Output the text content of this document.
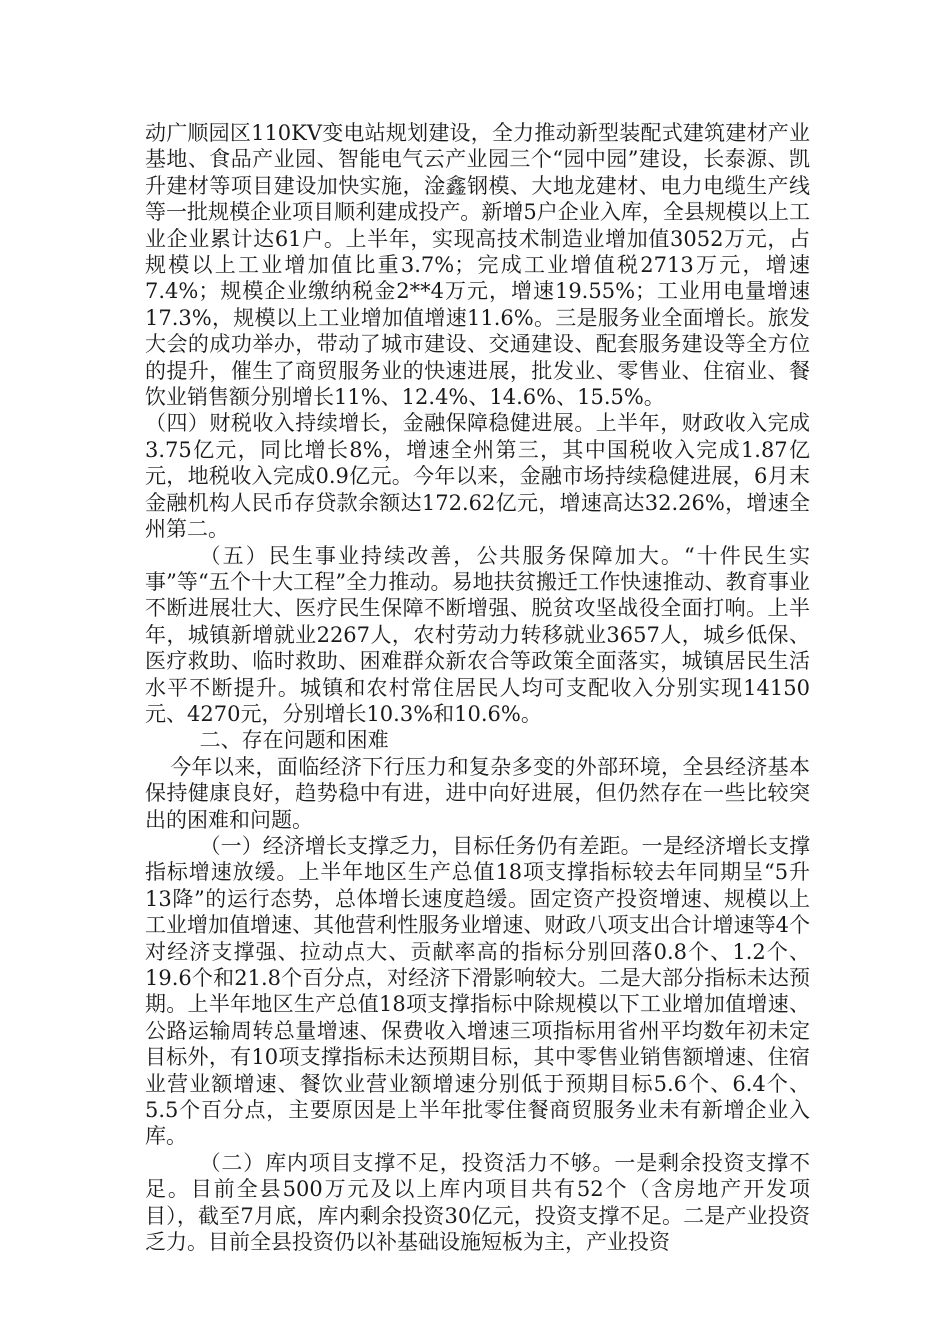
动广顺园区110KV变电站规划建设，全力推动新型装配式建筑建材产业基地、食品产业园、智能电气云产业园三个“园中园”建设，长泰源、凯升建材等项目建设加快实施，淦鑫钢模、大地龙建材、电力电缆生产线等一批规模企业项目顺利建成投产。新增5户企业入库，全县规模以上工业企业累计达61户。上半年，实现高技术制造业增加值3052万元，占规模以上工业增加值比重3.7%；完成工业增值税2713万元，增速7.4%；规模企业缴纳税金2**4万元，增速19.55%；工业用电量增速17.3%，规模以上工业增加值增速11.6%。三是服务业全面增长。旅发大会的成功举办，带动了城市建设、交通建设、配套服务建设等全方位的提升，催生了商贸服务业的快速进展，批发业、零售业、住宿业、餐饮业销售额分别增长11%、12.4%、14.6%、15.5%。

（四）财税收入持续增长，金融保障稳健进展。上半年，财政收入完成3.75亿元，同比增长8%，增速全州第三，其中国税收入完成1.87亿元，地税收入完成0.9亿元。今年以来，金融市场持续稳健进展，6月末金融机构人民币存贷款余额达172.62亿元，增速高达32.26%，增速全州第二。

（五）民生事业持续改善，公共服务保障加大。“十件民生实事”等“五个十大工程”全力推动。易地扶贫搬迁工作快速推动、教育事业不断进展壮大、医疗民生保障不断增强、脱贫攻坚战役全面打响。上半年，城镇新增就业2267人，农村劳动力转移就业3657人，城乡低保、医疗救助、临时救助、困难群众新农合等政策全面落实，城镇居民生活水平不断提升。城镇和农村常住居民人均可支配收入分别实现14150元、4270元，分别增长10.3%和10.6%。

二、存在问题和困难

今年以来，面临经济下行压力和复杂多变的外部环境，全县经济基本保持健康良好，趋势稳中有进，进中向好进展，但仍然存在一些比较突出的困难和问题。

（一）经济增长支撑乏力，目标任务仍有差距。一是经济增长支撑指标增速放缓。上半年地区生产总值18项支撑指标较去年同期呈“5升13降”的运行态势，总体增长速度趋缓。固定资产投资增速、规模以上工业增加值增速、其他营利性服务业增速、财政八项支出合计增速等4个对经济支撑强、拉动点大、贡献率高的指标分别回落0.8个、1.2个、19.6个和21.8个百分点，对经济下滑影响较大。二是大部分指标未达预期。上半年地区生产总值18项支撑指标中除规模以下工业增加值增速、公路运输周转总量增速、保费收入增速三项指标用省州平均数年初未定目标外，有10项支撑指标未达预期目标，其中零售业销售额增速、住宿业营业额增速、餐饮业营业额增速分别低于预期目标5.6个、6.4个、5.5个百分点，主要原因是上半年批零住餐商贸服务业未有新增企业入库。

（二）库内项目支撑不足，投资活力不够。一是剩余投资支撑不足。目前全县500万元及以上库内项目共有52个（含房地产开发项目），截至7月底，库内剩余投资30亿元，投资支撑不足。二是产业投资乏力。目前全县投资仍以补基础设施短板为主，产业投资
